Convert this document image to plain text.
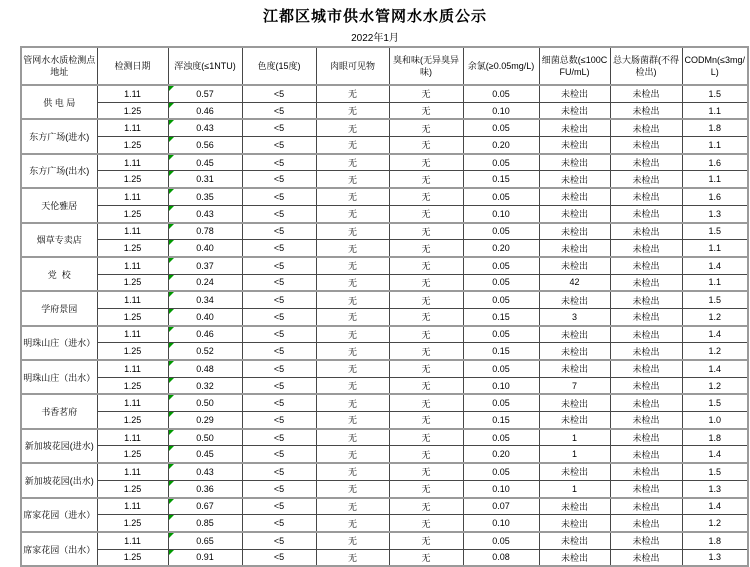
江都区城市供水管网水水质公示
2022年1月
管网水水质检测点地址	检测日期	浑浊度(≤1NTU)	色度(15度)	肉眼可见物	臭和味(无异臭异味)	余氯(≥0.05mg/L)	细菌总数(≤100CFU/mL)	总大肠菌群(不得检出)	CODMn(≤3mg/L)
供 电 局	1.11	0.57	<5	无	无	0.05	未检出	未检出	1.5
	1.25	0.46	<5	无	无	0.10	未检出	未检出	1.1
东方广场(进水)	1.11	0.43	<5	无	无	0.05	未检出	未检出	1.8
	1.25	0.56	<5	无	无	0.20	未检出	未检出	1.1
东方广场(出水)	1.11	0.45	<5	无	无	0.05	未检出	未检出	1.6
	1.25	0.31	<5	无	无	0.15	未检出	未检出	1.1
天伦雅居	1.11	0.35	<5	无	无	0.05	未检出	未检出	1.6
	1.25	0.43	<5	无	无	0.10	未检出	未检出	1.3
烟草专卖店	1.11	0.78	<5	无	无	0.05	未检出	未检出	1.5
	1.25	0.40	<5	无	无	0.20	未检出	未检出	1.1
党  校	1.11	0.37	<5	无	无	0.05	未检出	未检出	1.4
	1.25	0.24	<5	无	无	0.05	42	未检出	1.1
学府景园	1.11	0.34	<5	无	无	0.05	未检出	未检出	1.5
	1.25	0.40	<5	无	无	0.15	3	未检出	1.2
明珠山庄（进水）	1.11	0.46	<5	无	无	0.05	未检出	未检出	1.4
	1.25	0.52	<5	无	无	0.15	未检出	未检出	1.2
明珠山庄（出水）	1.11	0.48	<5	无	无	0.05	未检出	未检出	1.4
	1.25	0.32	<5	无	无	0.10	7	未检出	1.2
书香茗府	1.11	0.50	<5	无	无	0.05	未检出	未检出	1.5
	1.25	0.29	<5	无	无	0.15	未检出	未检出	1.0
新加坡花园(进水)	1.11	0.50	<5	无	无	0.05	1	未检出	1.8
	1.25	0.45	<5	无	无	0.20	1	未检出	1.4
新加坡花园(出水)	1.11	0.43	<5	无	无	0.05	未检出	未检出	1.5
	1.25	0.36	<5	无	无	0.10	1	未检出	1.3
席家花园（进水）	1.11	0.67	<5	无	无	0.07	未检出	未检出	1.4
	1.25	0.85	<5	无	无	0.10	未检出	未检出	1.2
席家花园（出水）	1.11	0.65	<5	无	无	0.05	未检出	未检出	1.8
	1.25	0.91	<5	无	无	0.08	未检出	未检出	1.3
